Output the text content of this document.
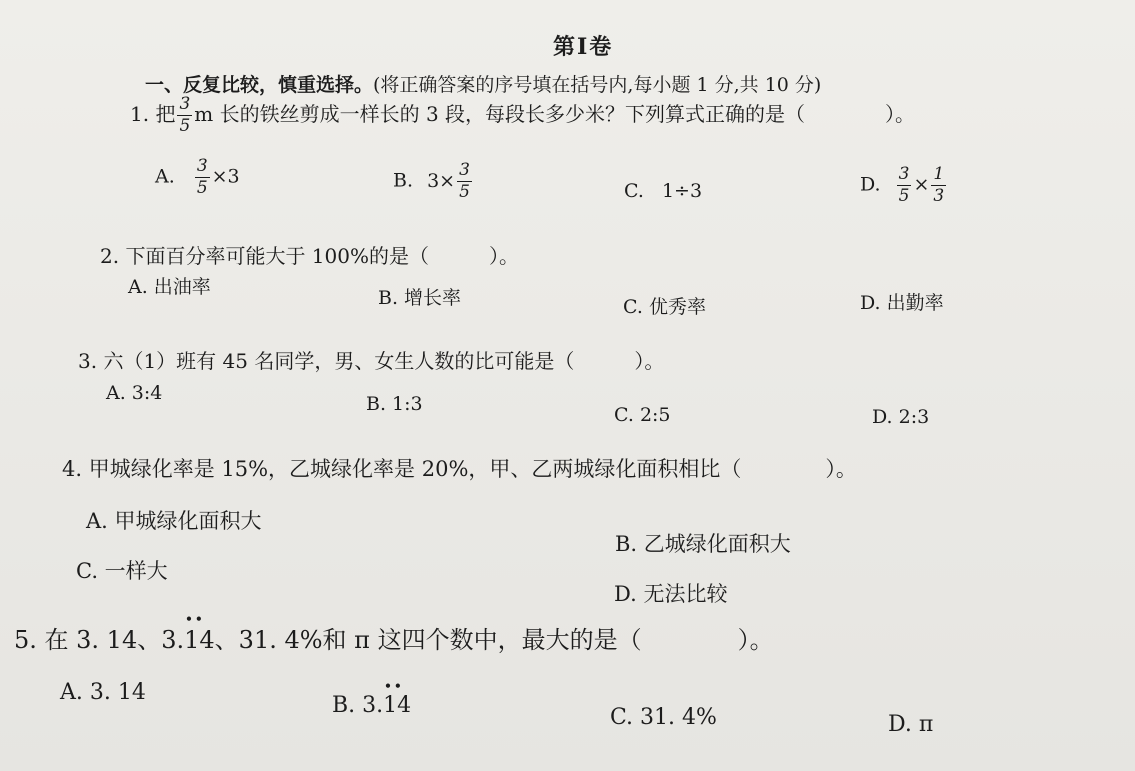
第Ⅰ卷
一、反复比较，慎重选择。(将正确答案的序号填在括号内,每小题 1 分,共 10 分)
1. 把 $\frac{3}{5}$ m 长的铁丝剪成一样长的 3 段，每段长多少米？下列算式正确的是（　　　　）。
A. $\frac{3}{5} \times 3$	B. $3\times \frac{3}{5}$	C. 1÷3	D. $\frac{3}{5} \times \frac{1}{3}$
2. 下面百分率可能大于 100%的是（　　　）。
A. 出油率	B. 增长率	C. 优秀率	D. 出勤率
3. 六（1）班有 45 名同学，男、女生人数的比可能是（　　　）。
A. 3:4	B. 1:3	C. 2:5	D. 2:3
4. 甲城绿化率是 15%，乙城绿化率是 20%，甲、乙两城绿化面积相比（　　　　）。
A. 甲城绿化面积大
B. 乙城绿化面积大
C. 一样大
D. 无法比较
5. 在 3. 14、3.• • 14、31. 4%和 π 这四个数中，最大的是（　　　　）。
A. 3. 14
B. 3.• • 14	C. 31. 4%	D. π
